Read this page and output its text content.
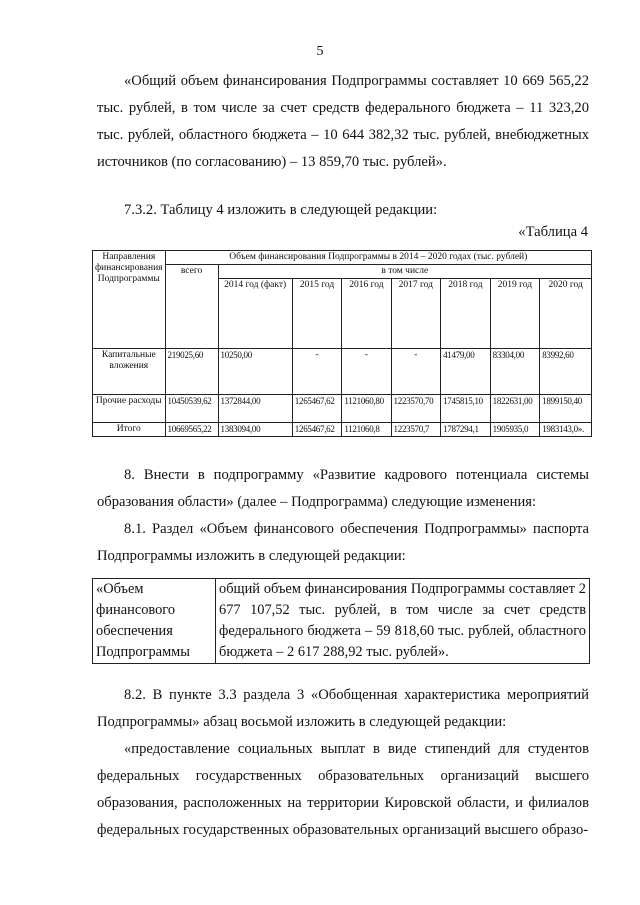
5

«Общий объем финансирования Подпрограммы составляет 10 669 565,22 тыс. рублей, в том числе за счет средств федерального бюджета – 11 323,20 тыс. рублей, областного бюджета – 10 644 382,32 тыс. рублей, внебюджетных источников (по согласованию) – 13 859,70 тыс. рублей».

7.3.2. Таблицу 4 изложить в следующей редакции:

«Таблица 4
Направления финансирования Подпрограммы	Объем финансирования Подпрограммы в 2014 – 2020 годах (тыс. рублей)							
	всего	в том числе						
		2014 год (факт)	2015 год	2016 год	2017 год	2018 год	2019 год	2020 год
Капитальные вложения	219025,60	10250,00	-	-	-	41479,00	83304,00	83992,60
Прочие расходы	10450539,62	1372844,00	1265467,62	1121060,80	1223570,70	1745815,10	1822631,00	1899150,40
Итого	10669565,22	1383094,00	1265467,62	1121060,8	1223570,7	1787294,1	1905935,0	1983143,0».

8. Внести в подпрограмму «Развитие кадрового потенциала системы образования области» (далее – Подпрограмма) следующие изменения:

8.1. Раздел «Объем финансового обеспечения Подпрограммы» паспорта Подпрограммы изложить в следующей редакции:

«Объем финансового обеспечения Подпрограммы	общий объем финансирования Подпрограммы составляет 2 677 107,52 тыс. рублей, в том числе за счет средств федерального бюджета – 59 818,60 тыс. рублей, областного бюджета – 2 617 288,92 тыс. рублей».

8.2. В пункте 3.3 раздела 3 «Обобщенная характеристика мероприятий Подпрограммы» абзац восьмой изложить в следующей редакции:

«предоставление социальных выплат в виде стипендий для студентов федеральных государственных образовательных организаций высшего образования, расположенных на территории Кировской области, и филиалов федеральных государственных образовательных организаций высшего образо-
